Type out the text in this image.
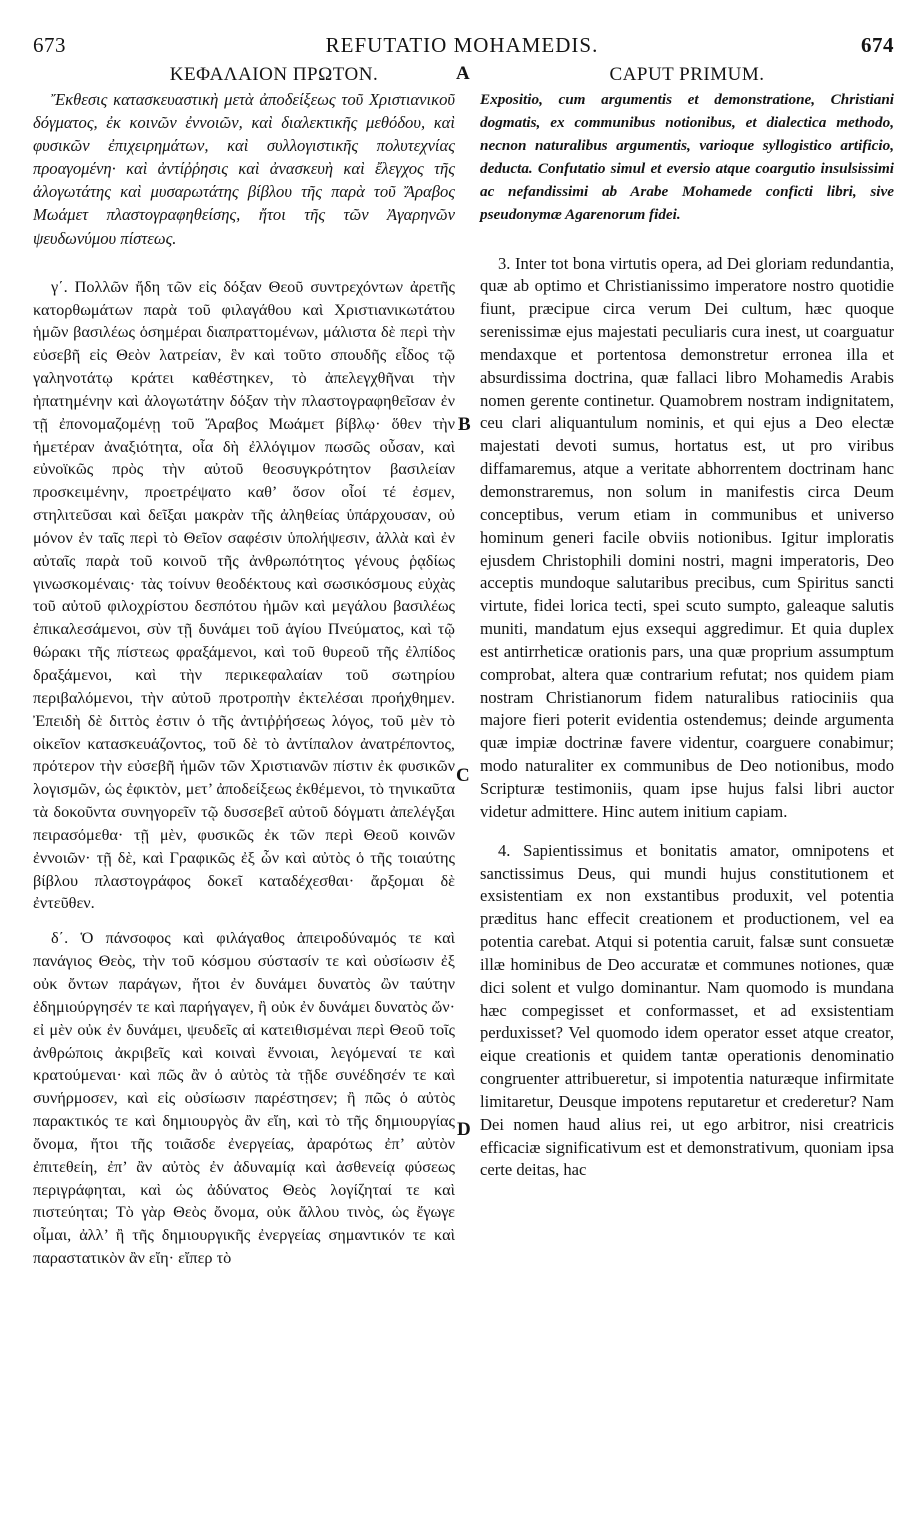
673	REFUTATIO MOHAMEDIS.	674
ΚΕΦΑΛΑΙΟΝ ΠΡΩΤΟΝ.

Ἔκθεσις κατασκευαστικὴ μετὰ ἀποδείξεως τοῦ Χριστιανικοῦ δόγματος, ἐκ κοινῶν ἐννοιῶν, καὶ διαλεκτικῆς μεθόδου, καὶ φυσικῶν ἐπιχειρημάτων, καὶ συλλογιστικῆς πολυτεχνίας προαγομένη· καὶ ἀντίῤῥησις καὶ ἀνασκευὴ καὶ ἔλεγχος τῆς ἀλογωτάτης καὶ μυσαρωτάτης βίβλου τῆς παρὰ τοῦ Ἄραβος Μωάμετ πλαστογραφηθείσης, ἤτοι τῆς τῶν Ἀγαρηνῶν ψευδωνύμου πίστεως.

γ΄. Πολλῶν ἤδη τῶν εἰς δόξαν Θεοῦ συντρεχόντων ἀρετῆς κατορθωμάτων παρὰ τοῦ φιλαγάθου καὶ Χριστιανικωτάτου ἡμῶν βασιλέως ὁσημέραι διαπραττομένων, μάλιστα δὲ περὶ τὴν εὐσεβῆ εἰς Θεὸν λατρείαν, ἓν καὶ τοῦτο σπουδῆς εἶδος τῷ γαληνοτάτῳ κράτει καθέστηκεν, τὸ ἀπελεγχθῆναι τὴν ἠπατημένην καὶ ἀλογωτάτην δόξαν τὴν πλαστογραφηθεῖσαν ἐν τῇ ἐπονομαζομένῃ τοῦ Ἄραβος Μωάμετ βίβλῳ· ὅθεν τὴν ἡμετέραν ἀναξιότητα, οἷα δὴ ἐλλόγιμον πωσῶς οὖσαν, καὶ εὐνοϊκῶς πρὸς τὴν αὐτοῦ θεοσυγκρότητον βασιλείαν προσκειμένην, προετρέψατο καθ’ ὅσον οἷοί τέ ἐσμεν, στηλιτεῦσαι καὶ δεῖξαι μακρὰν τῆς ἀληθείας ὑπάρχουσαν, οὐ μόνον ἐν ταῖς περὶ τὸ Θεῖον σαφέσιν ὑπολήψεσιν, ἀλλὰ καὶ ἐν αὐταῖς παρὰ τοῦ κοινοῦ τῆς ἀνθρωπότητος γένους ῥᾳδίως γινωσκομέναις· τὰς τοίνυν θεοδέκτους καὶ σωσικόσμους εὐχὰς τοῦ αὐτοῦ φιλοχρίστου δεσπότου ἡμῶν καὶ μεγάλου βασιλέως ἐπικαλεσάμενοι, σὺν τῇ δυνάμει τοῦ ἁγίου Πνεύματος, καὶ τῷ θώρακι τῆς πίστεως φραξάμενοι, καὶ τοῦ θυρεοῦ τῆς ἐλπίδος δραξάμενοι, καὶ τὴν περικεφαλαίαν τοῦ σωτηρίου περιβαλόμενοι, τὴν αὐτοῦ προτροπὴν ἐκτελέσαι προήχθημεν. Ἐπειδὴ δὲ διττὸς ἐστιν ὁ τῆς ἀντιῤῥήσεως λόγος, τοῦ μὲν τὸ οἰκεῖον κατασκευάζοντος, τοῦ δὲ τὸ ἀντίπαλον ἀνατρέποντος, πρότερον τὴν εὐσεβῆ ἡμῶν τῶν Χριστιανῶν πίστιν ἐκ φυσικῶν λογισμῶν, ὡς ἐφικτὸν, μετ’ ἀποδείξεως ἐκθέμενοι, τὸ τηνικαῦτα τὰ δοκοῦντα συνηγορεῖν τῷ δυσσεβεῖ αὐτοῦ δόγματι ἀπελέγξαι πειρασόμεθα· τῇ μὲν, φυσικῶς ἐκ τῶν περὶ Θεοῦ κοινῶν ἐννοιῶν· τῇ δὲ, καὶ Γραφικῶς ἐξ ὧν καὶ αὐτὸς ὁ τῆς τοιαύτης βίβλου πλαστογράφος δοκεῖ καταδέχεσθαι· ἄρξομαι δὲ ἐντεῦθεν.

δ΄. Ὁ πάνσοφος καὶ φιλάγαθος ἀπειροδύναμός τε καὶ πανάγιος Θεὸς, τὴν τοῦ κόσμου σύστασίν τε καὶ οὐσίωσιν ἐξ οὐκ ὄντων παράγων, ἤτοι ἐν δυνάμει δυνατὸς ὢν ταύτην ἐδημιούργησέν τε καὶ παρήγαγεν, ἢ οὐκ ἐν δυνάμει δυνατὸς ὤν· εἰ μὲν οὐκ ἐν δυνάμει, ψευδεῖς αἱ κατειθισμέναι περὶ Θεοῦ τοῖς ἀνθρώποις ἀκριβεῖς καὶ κοιναὶ ἔννοιαι, λεγόμεναί τε καὶ κρατούμεναι· καὶ πῶς ἂν ὁ αὐτὸς τὰ τῇδε συνέδησέν τε καὶ συνήρμοσεν, καὶ εἰς οὐσίωσιν παρέστησεν; ἢ πῶς ὁ αὐτὸς παρακτικός τε καὶ δημιουργὸς ἂν εἴη, καὶ τὸ τῆς δημιουργίας ὄνομα, ἤτοι τῆς τοιᾶσδε ἐνεργείας, ἀραρότως ἐπ’ αὐτὸν ἐπιτεθείη, ἐπ’ ἂν αὐτὸς ἐν ἀδυναμίᾳ καὶ ἀσθενείᾳ φύσεως περιγράφηται, καὶ ὡς ἀδύνατος Θεὸς λογίζηταί τε καὶ πιστεύηται; Τὸ γὰρ Θεὸς ὄνομα, οὐκ ἄλλου τινὸς, ὡς ἔγωγε οἶμαι, ἀλλ’ ἢ τῆς δημιουργικῆς ἐνεργείας σημαντικόν τε καὶ παραστατικὸν ἂν εἴη· εἴπερ τὸ

CAPUT PRIMUM.

Expositio, cum argumentis et demonstratione, Christiani dogmatis, ex communibus notionibus, et dialectica methodo, necnon naturalibus argumentis, varioque syllogistico artificio, deducta. Confutatio simul et eversio atque coargutio insulsissimi ac nefandissimi ab Arabe Mohamede conficti libri, sive pseudonymæ Agarenorum fidei.

3. Inter tot bona virtutis opera, ad Dei gloriam redundantia, quæ ab optimo et Christianissimo imperatore nostro quotidie fiunt, præcipue circa verum Dei cultum, hæc quoque serenissimæ ejus majestati peculiaris cura inest, ut coarguatur mendaxque et portentosa demonstretur erronea illa et absurdissima doctrina, quæ fallaci libro Mohamedis Arabis nomen gerente continetur. Quamobrem nostram indignitatem, ceu clari aliquantulum nominis, et qui ejus a Deo electæ majestati devoti sumus, hortatus est, ut pro viribus diffamaremus, atque a veritate abhorrentem doctrinam hanc demonstraremus, non solum in manifestis circa Deum conceptibus, verum etiam in communibus et universo hominum generi facile obviis notionibus. Igitur imploratis ejusdem Christophili domini nostri, magni imperatoris, Deo acceptis mundoque salutaribus precibus, cum Spiritus sancti virtute, fidei lorica tecti, spei scuto sumpto, galeaque salutis muniti, mandatum ejus exsequi aggredimur. Et quia duplex est antirrheticæ orationis pars, una quæ proprium assumptum comprobat, altera quæ contrarium refutat; nos quidem piam nostram Christianorum fidem naturalibus ratiociniis qua majore fieri poterit evidentia ostendemus; deinde argumenta quæ impiæ doctrinæ favere videntur, coarguere conabimur; modo naturaliter ex communibus de Deo notionibus, modo Scripturæ testimoniis, quam ipse hujus falsi libri auctor videtur admittere. Hinc autem initium capiam.

4. Sapientissimus et bonitatis amator, omnipotens et sanctissimus Deus, qui mundi hujus constitutionem et exsistentiam ex non exstantibus produxit, vel potentia præditus hanc effecit creationem et productionem, vel ea potentia carebat. Atqui si potentia caruit, falsæ sunt consuetæ illæ hominibus de Deo accuratæ et communes notiones, quæ dici solent et vulgo dominantur. Nam quomodo is mundana hæc compegisset et conformasset, et ad exsistentiam perduxisset? Vel quomodo idem operator esset atque creator, eique creationis et quidem tantæ operationis denominatio congruenter attribueretur, si impotentia naturæque infirmitate limitaretur, Deusque impotens reputaretur et crederetur? Nam Dei nomen haud alius rei, ut ego arbitror, nisi creatricis efficaciæ significativum est et demonstrativum, quoniam ipsa certe deitas, hac

A
B
C
D
